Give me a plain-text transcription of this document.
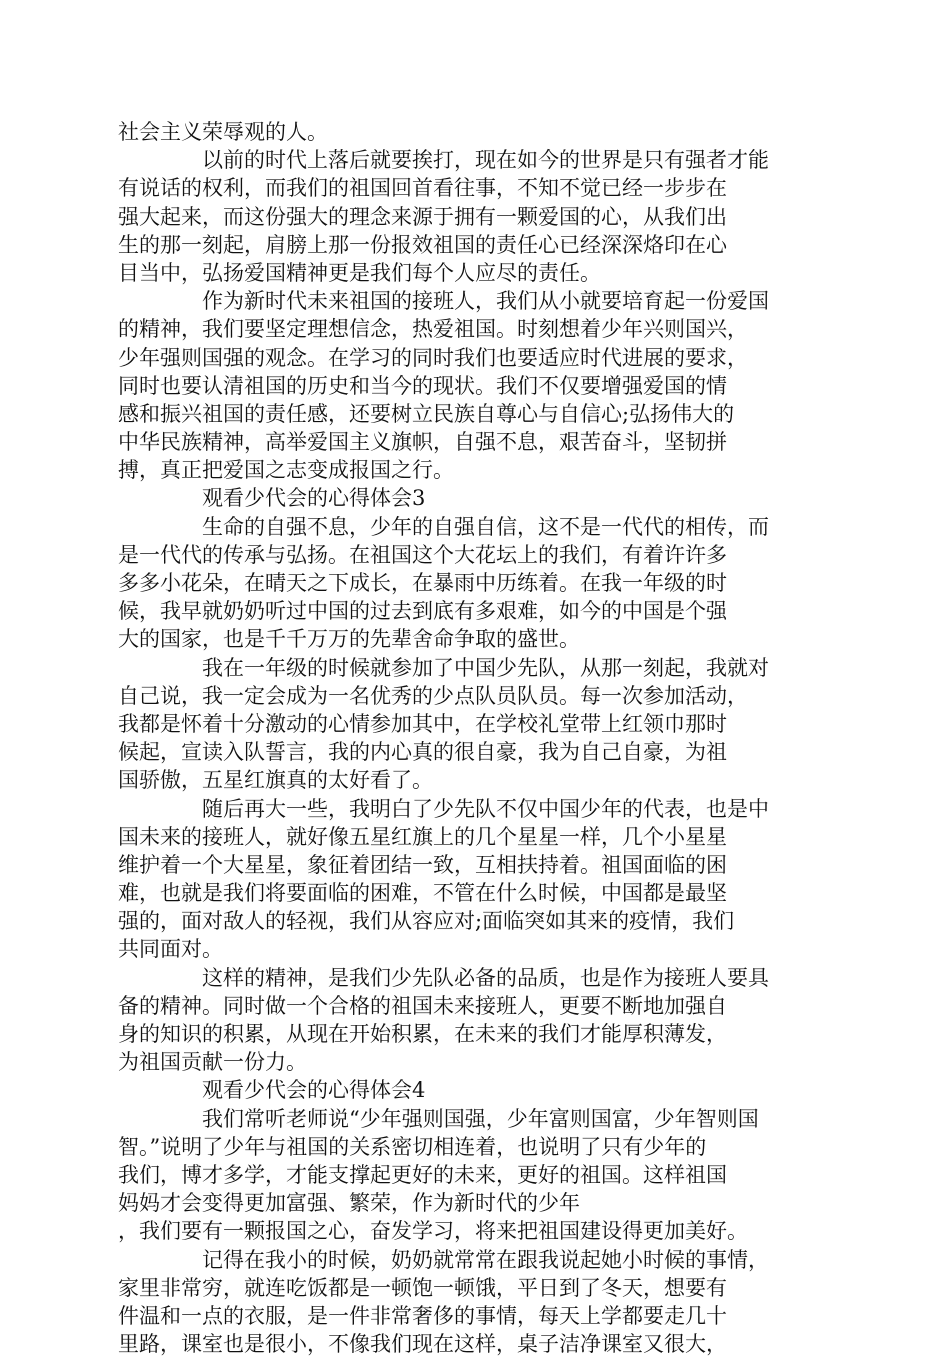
社会主义荣辱观的人。
以前的时代上落后就要挨打，现在如今的世界是只有强者才能
有说话的权利，而我们的祖国回首看往事，不知不觉已经一步步在
强大起来，而这份强大的理念来源于拥有一颗爱国的心，从我们出
生的那一刻起，肩膀上那一份报效祖国的责任心已经深深烙印在心
目当中，弘扬爱国精神更是我们每个人应尽的责任。
作为新时代未来祖国的接班人，我们从小就要培育起一份爱国
的精神，我们要坚定理想信念，热爱祖国。时刻想着少年兴则国兴，
少年强则国强的观念。在学习的同时我们也要适应时代进展的要求，
同时也要认清祖国的历史和当今的现状。我们不仅要增强爱国的情
感和振兴祖国的责任感，还要树立民族自尊心与自信心;弘扬伟大的
中华民族精神，高举爱国主义旗帜，自强不息，艰苦奋斗，坚韧拼
搏，真正把爱国之志变成报国之行。
观看少代会的心得体会3
生命的自强不息，少年的自强自信，这不是一代代的相传，而
是一代代的传承与弘扬。在祖国这个大花坛上的我们，有着许许多
多多小花朵，在晴天之下成长，在暴雨中历练着。在我一年级的时
候，我早就奶奶听过中国的过去到底有多艰难，如今的中国是个强
大的国家，也是千千万万的先辈舍命争取的盛世。
我在一年级的时候就参加了中国少先队，从那一刻起，我就对
自己说，我一定会成为一名优秀的少点队员队员。每一次参加活动，
我都是怀着十分激动的心情参加其中，在学校礼堂带上红领巾那时
候起，宣读入队誓言，我的内心真的很自豪，我为自己自豪，为祖
国骄傲，五星红旗真的太好看了。
随后再大一些，我明白了少先队不仅中国少年的代表，也是中
国未来的接班人，就好像五星红旗上的几个星星一样，几个小星星
维护着一个大星星，象征着团结一致，互相扶持着。祖国面临的困
难，也就是我们将要面临的困难，不管在什么时候，中国都是最坚
强的，面对敌人的轻视，我们从容应对;面临突如其来的疫情，我们
共同面对。
这样的精神，是我们少先队必备的品质，也是作为接班人要具
备的精神。同时做一个合格的祖国未来接班人，更要不断地加强自
身的知识的积累，从现在开始积累，在未来的我们才能厚积薄发，
为祖国贡献一份力。
观看少代会的心得体会4
我们常听老师说“少年强则国强，少年富则国富，少年智则国
智。”说明了少年与祖国的关系密切相连着，也说明了只有少年的
我们，博才多学，才能支撑起更好的未来，更好的祖国。这样祖国
妈妈才会变得更加富强、繁荣，作为新时代的少年
，我们要有一颗报国之心，奋发学习，将来把祖国建设得更加美好。
记得在我小的时候，奶奶就常常在跟我说起她小时候的事情，
家里非常穷，就连吃饭都是一顿饱一顿饿，平日到了冬天，想要有
件温和一点的衣服，是一件非常奢侈的事情，每天上学都要走几十
里路，课室也是很小，不像我们现在这样，桌子洁净课室又很大，
